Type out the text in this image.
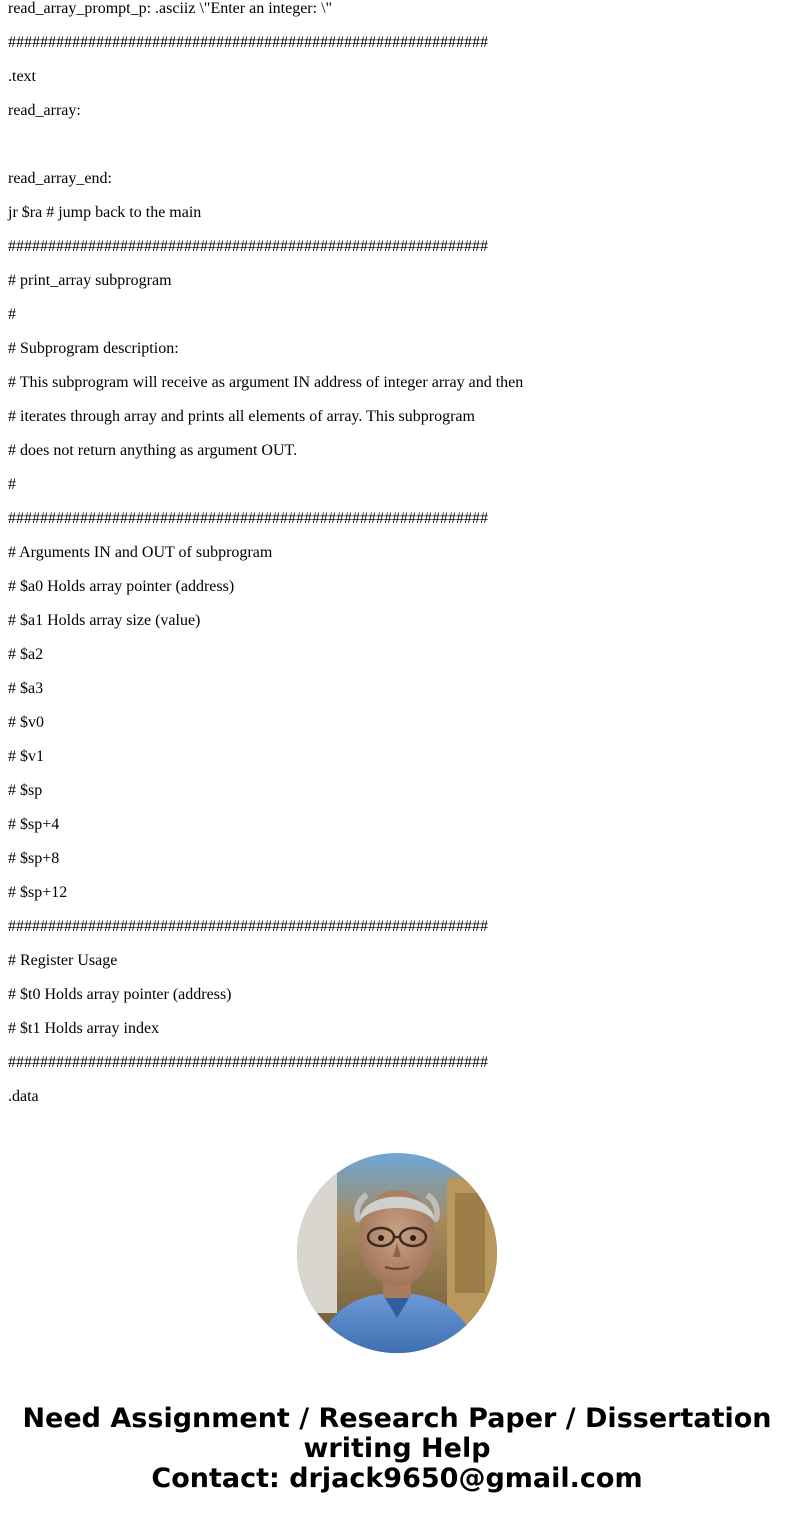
read_array_prompt_p: .asciiz \"Enter an integer: \"
############################################################
.text
read_array:
read_array_end:
jr $ra # jump back to the main
############################################################
# print_array subprogram
#
# Subprogram description:
# This subprogram will receive as argument IN address of integer array and then
# iterates through array and prints all elements of array. This subprogram
# does not return anything as argument OUT.
#
############################################################
# Arguments IN and OUT of subprogram
# $a0 Holds array pointer (address)
# $a1 Holds array size (value)
# $a2
# $a3
# $v0
# $v1
# $sp
# $sp+4
# $sp+8
# $sp+12
############################################################
# Register Usage
# $t0 Holds array pointer (address)
# $t1 Holds array index
############################################################
.data
Need Assignment / Research Paper / Dissertation
writing Help
Contact: drjack9650@gmail.com
